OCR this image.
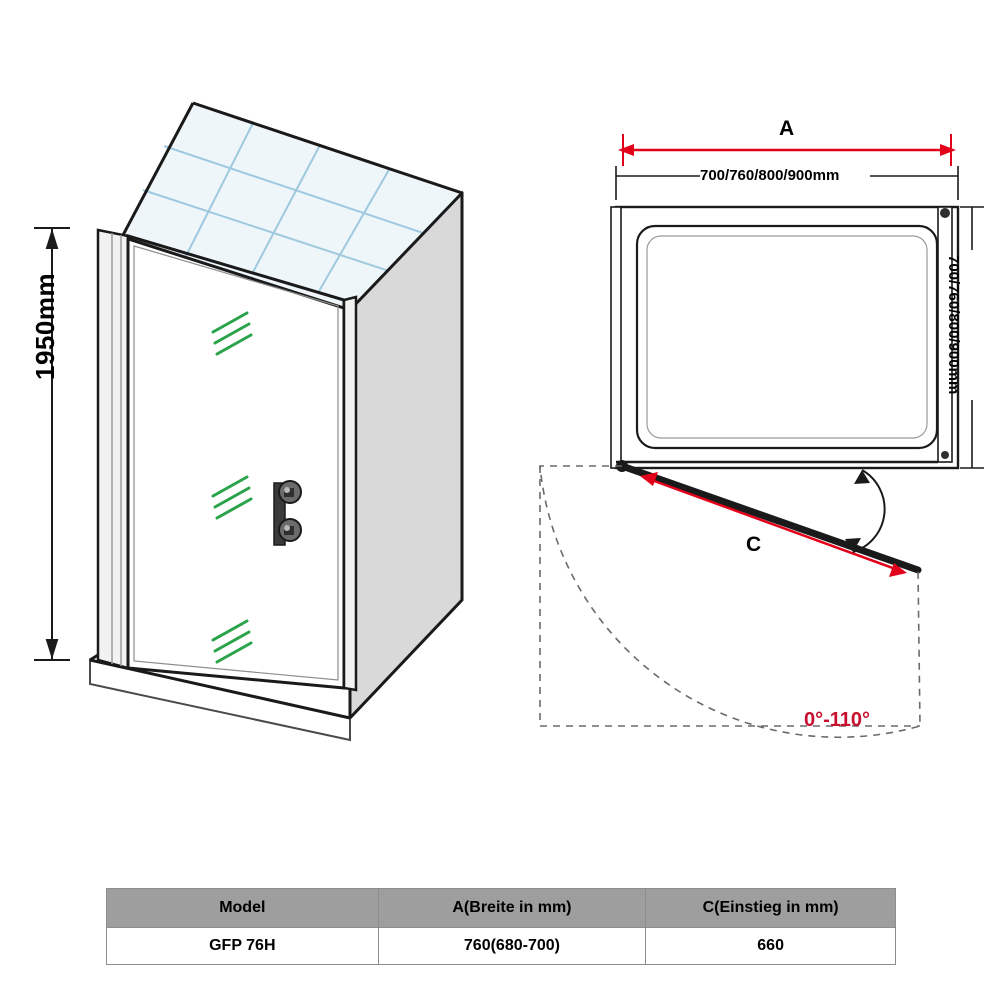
1950mm
A
700/760/800/900mm
700/760/800/900mm
C
0°-110°
Model	A(Breite in mm)	C(Einstieg in mm)
GFP 76H	760(680-700)	660
